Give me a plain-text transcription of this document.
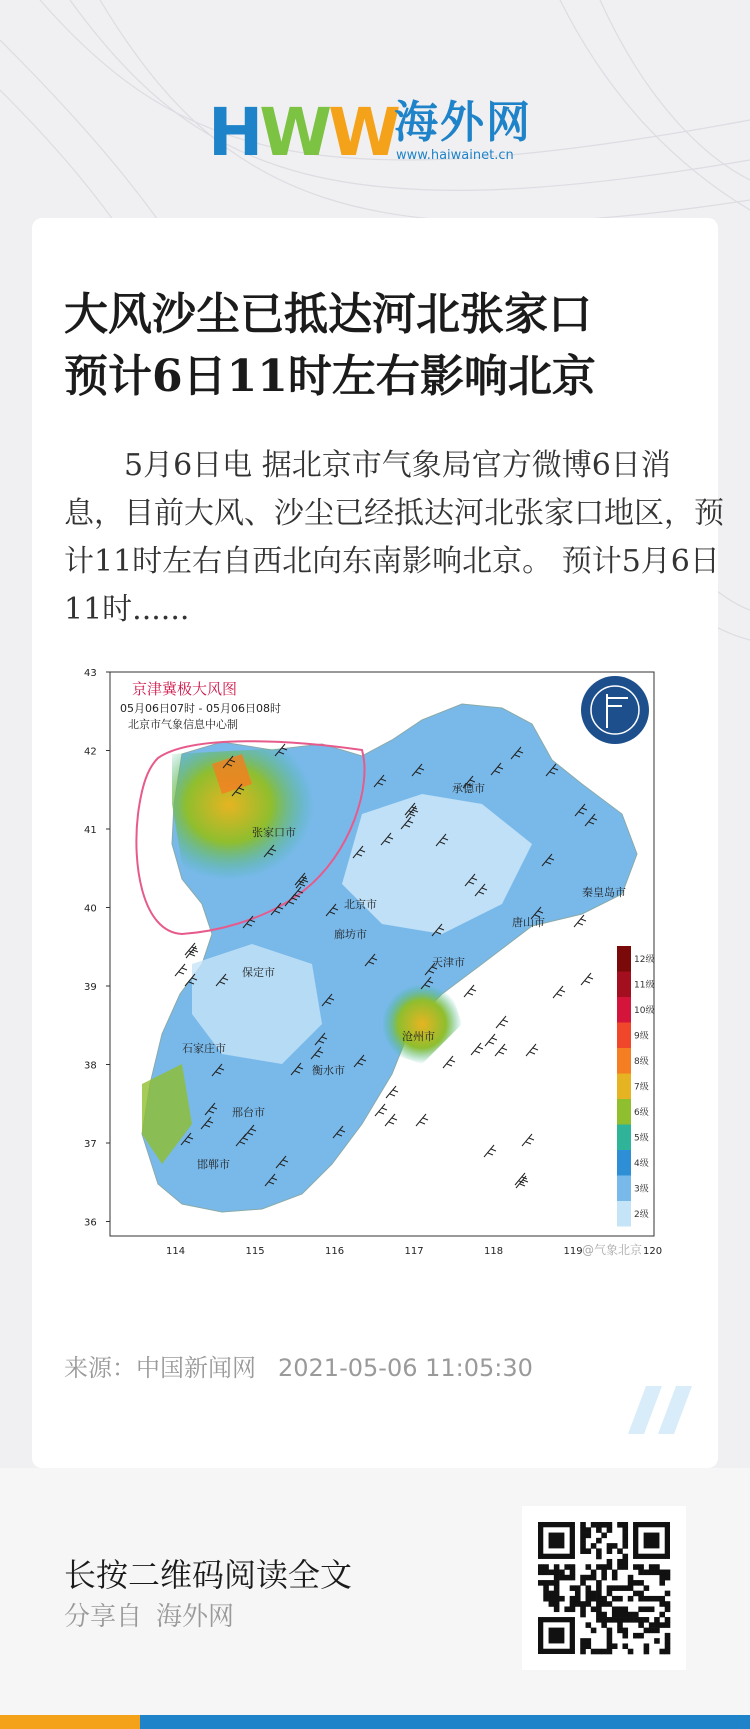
HWW
海外网
www.haiwainet.cn
大风沙尘已抵达河北张家口
预计6日11时左右影响北京

5月6日电 据北京市气象局官方微博6日消息，目前大风、沙尘已经抵达河北张家口地区，预计11时左右自西北向东南影响北京。 预计5月6日11时......

12级
11级
10级
9级
8级
7级
6级
5级
4级
3级
2级
43
42
41
40
39
38
37
36
114	115	116	117	118	119	120
承德市
张家口市
北京市
秦皇岛市
唐山市
廊坊市
天津市
保定市
沧州市
石家庄市
衡水市
邢台市
邯郸市
京津冀极大风图
05月06日07时 - 05月06日08时
北京市气象信息中心制
@气象北京
来源：中国新闻网 2021-05-06 11:05:30
长按二维码阅读全文
分享自 海外网
